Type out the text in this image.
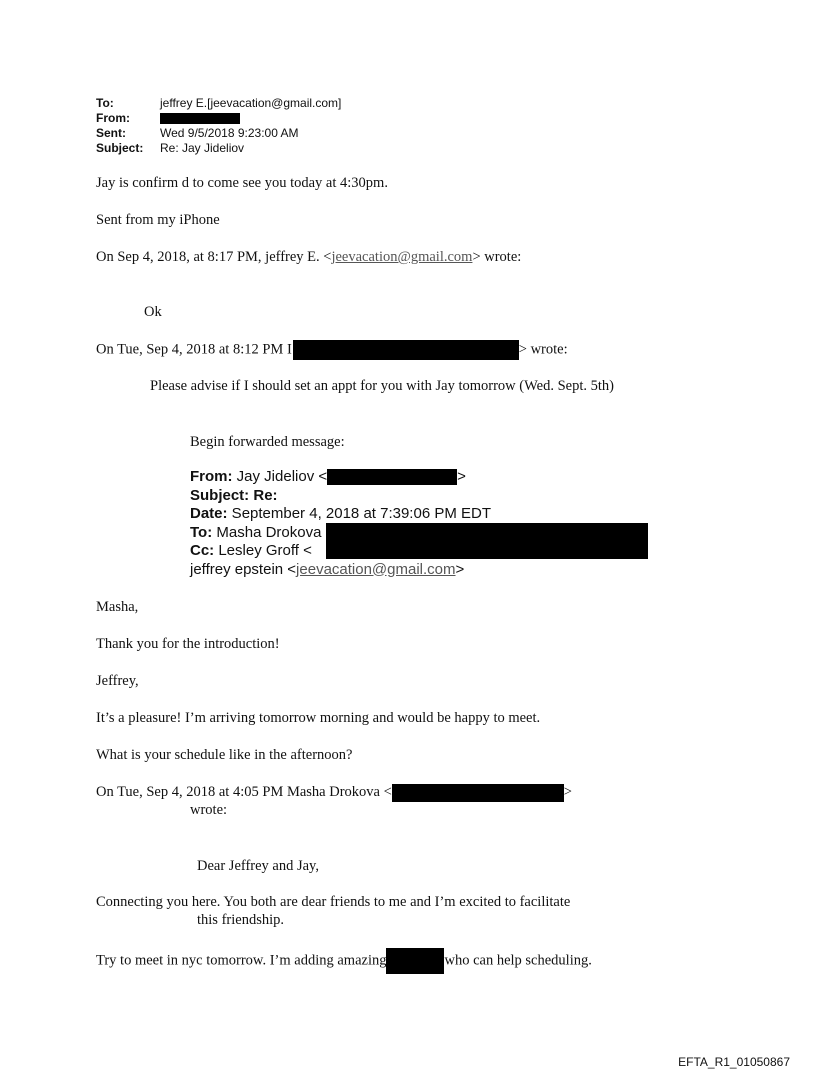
To:	jeffrey E.[jeevacation@gmail.com]
From:
Sent:	Wed 9/5/2018 9:23:00 AM
Subject:	Re: Jay Jideliov
Jay is confirm d to come see you today at 4:30pm.
Sent from my iPhone
On Sep 4, 2018, at 8:17 PM, jeffrey E. <jeevacation@gmail.com> wrote:
Ok
On Tue, Sep 4, 2018 at 8:12 PM I	> wrote:
Please advise if I should set an appt for you with Jay tomorrow (Wed. Sept. 5th)
Begin forwarded message:
From: Jay Jideliov <	>
Subject: Re:
Date: September 4, 2018 at 7:39:06 PM EDT
To: Masha Drokova
Cc: Lesley Groff <
jeffrey epstein <jeevacation@gmail.com>
Masha,
Thank you for the introduction!
Jeffrey,
It’s a pleasure! I’m arriving tomorrow morning and would be happy to meet.
What is your schedule like in the afternoon?
On Tue, Sep 4, 2018 at 4:05 PM Masha Drokova <	>
wrote:
Dear Jeffrey and Jay,
Connecting you here. You both are dear friends to me and I’m excited to facilitate
this friendship.
Try to meet in nyc tomorrow. I’m adding amazing	who can help scheduling.
EFTA_R1_01050867
